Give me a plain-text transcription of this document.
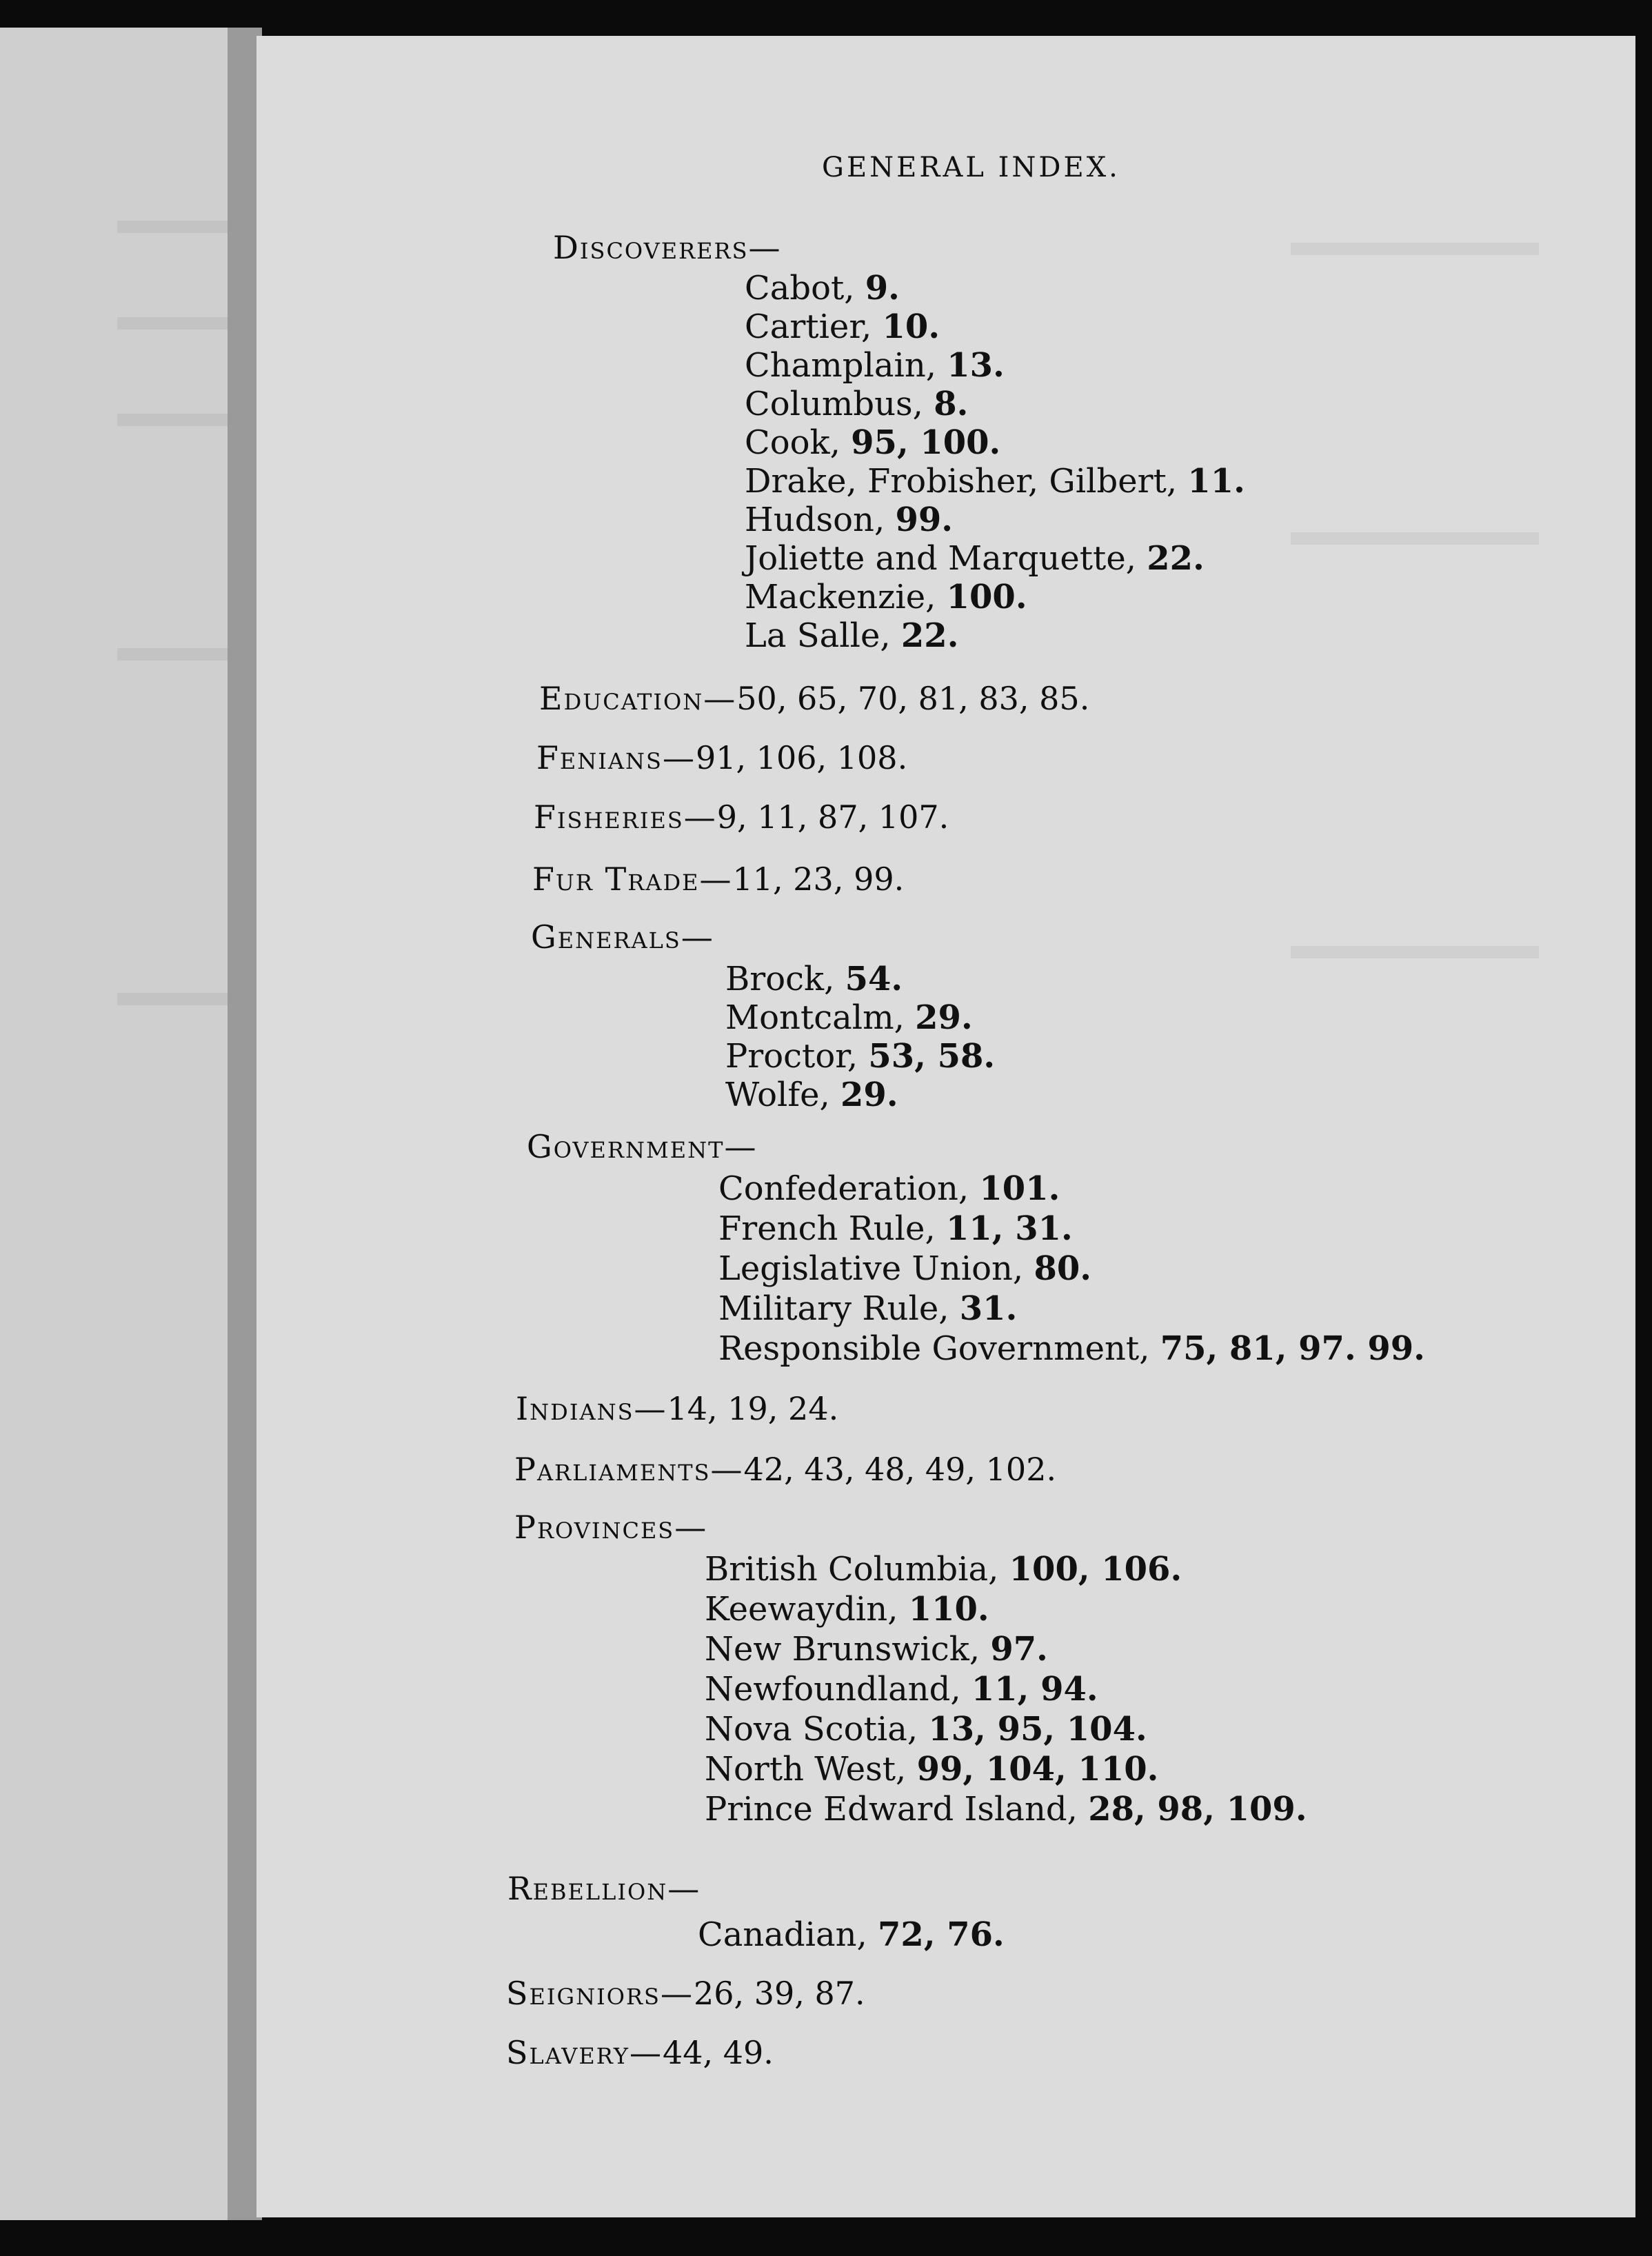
GENERAL INDEX.
Discoverers—
Cabot, 9.
Cartier, 10.
Champlain, 13.
Columbus, 8.
Cook, 95, 100.
Drake, Frobisher, Gilbert, 11.
Hudson, 99.
Joliette and Marquette, 22.
Mackenzie, 100.
La Salle, 22.
Education—50, 65, 70, 81, 83, 85.
Fenians—91, 106, 108.
Fisheries—9, 11, 87, 107.
Fur Trade—11, 23, 99.
Generals—
Brock, 54.
Montcalm, 29.
Proctor, 53, 58.
Wolfe, 29.
Government—
Confederation, 101.
French Rule, 11, 31.
Legislative Union, 80.
Military Rule, 31.
Responsible Government, 75, 81, 97. 99.
Indians—14, 19, 24.
Parliaments—42, 43, 48, 49, 102.
Provinces—
British Columbia, 100, 106.
Keewaydin, 110.
New Brunswick, 97.
Newfoundland, 11, 94.
Nova Scotia, 13, 95, 104.
North West, 99, 104, 110.
Prince Edward Island, 28, 98, 109.
Rebellion—
Canadian, 72, 76.
Seigniors—26, 39, 87.
Slavery—44, 49.
